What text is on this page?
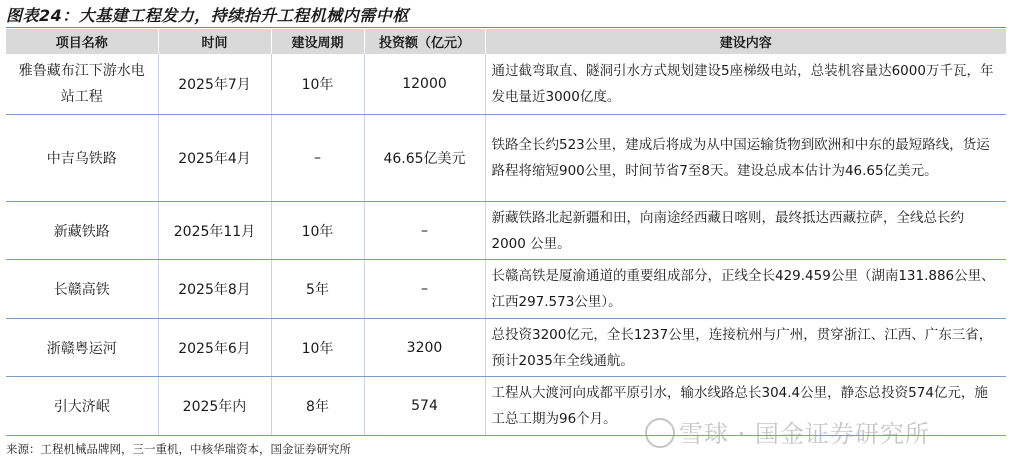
图表24：大基建工程发力，持续抬升工程机械内需中枢
项目名称	时间	建设周期	投资额（亿元）	建设内容
雅鲁藏布江下游水电站工程	2025年7月	10年	12000	通过截弯取直、隧洞引水方式规划建设5座梯级电站，总装机容量达6000万千瓦，年发电量近3000亿度。
中吉乌铁路	2025年4月	–	46.65亿美元	铁路全长约523公里，建成后将成为从中国运输货物到欧洲和中东的最短路线，货运路程将缩短900公里，时间节省7至8天。建设总成本估计为46.65亿美元。
新藏铁路	2025年11月	10年	–	新藏铁路北起新疆和田，向南途经西藏日喀则，最终抵达西藏拉萨，全线总长约 2000 公里。
长赣高铁	2025年8月	5年	–	长赣高铁是厦渝通道的重要组成部分，正线全长429.459公里（湖南131.886公里、江西297.573公里）。
浙赣粤运河	2025年6月	10年	3200	总投资3200亿元，全长1237公里，连接杭州与广州，贯穿浙江、江西、广东三省，预计2035年全线通航。
引大济岷	2025年内	8年	574	工程从大渡河向成都平原引水，输水线路总长304.4公里，静态总投资574亿元，施工总工期为96个月。
来源：工程机械品牌网，三一重机，中核华瑞资本，国金证券研究所
雪球 · 国金证券研究所
